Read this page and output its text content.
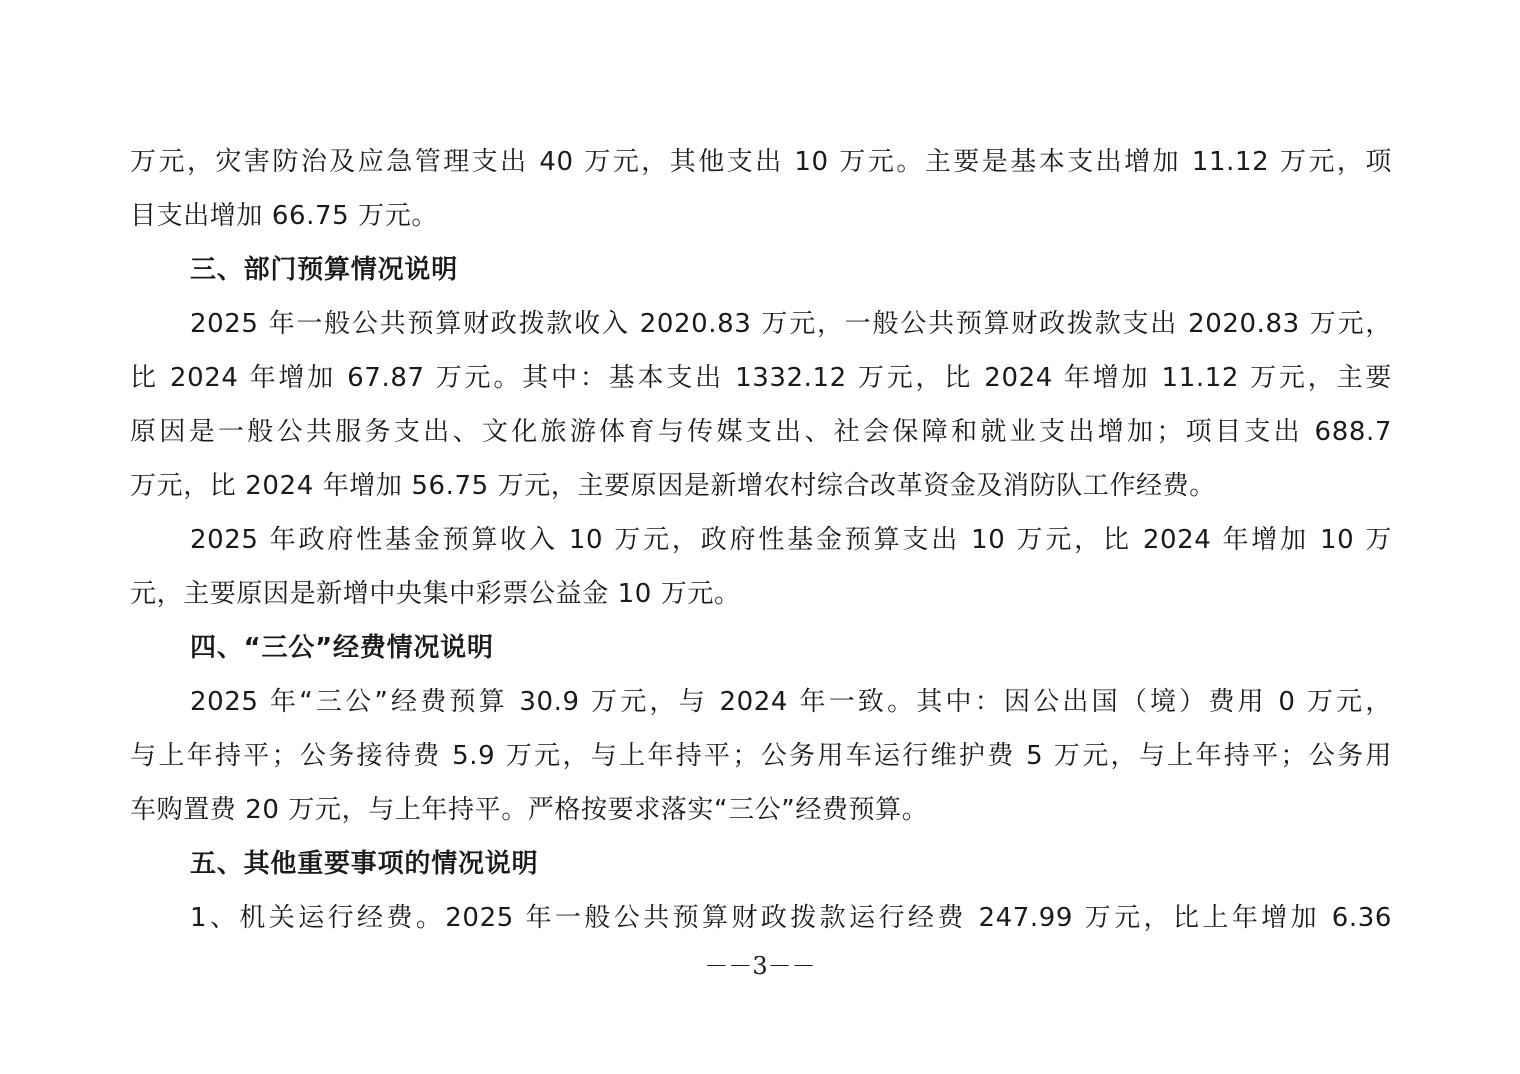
万元，灾害防治及应急管理支出 40 万元，其他支出 10 万元。主要是基本支出增加 11.12 万元，项
目支出增加 66.75 万元。
三、部门预算情况说明
2025 年一般公共预算财政拨款收入 2020.83 万元，一般公共预算财政拨款支出 2020.83 万元，
比 2024 年增加 67.87 万元。其中：基本支出 1332.12 万元，比 2024 年增加 11.12 万元，主要
原因是一般公共服务支出、文化旅游体育与传媒支出、社会保障和就业支出增加；项目支出 688.7
万元，比 2024 年增加 56.75 万元，主要原因是新增农村综合改革资金及消防队工作经费。
2025 年政府性基金预算收入 10 万元，政府性基金预算支出 10 万元，比 2024 年增加 10 万
元，主要原因是新增中央集中彩票公益金 10 万元。
四、“三公”经费情况说明
2025 年“三公”经费预算 30.9 万元，与 2024 年一致。其中：因公出国（境）费用 0 万元，
与上年持平；公务接待费 5.9 万元，与上年持平；公务用车运行维护费 5 万元，与上年持平；公务用
车购置费 20 万元，与上年持平。严格按要求落实“三公”经费预算。
五、其他重要事项的情况说明
1、机关运行经费。2025 年一般公共预算财政拨款运行经费 247.99 万元，比上年增加 6.36
－－3－－
